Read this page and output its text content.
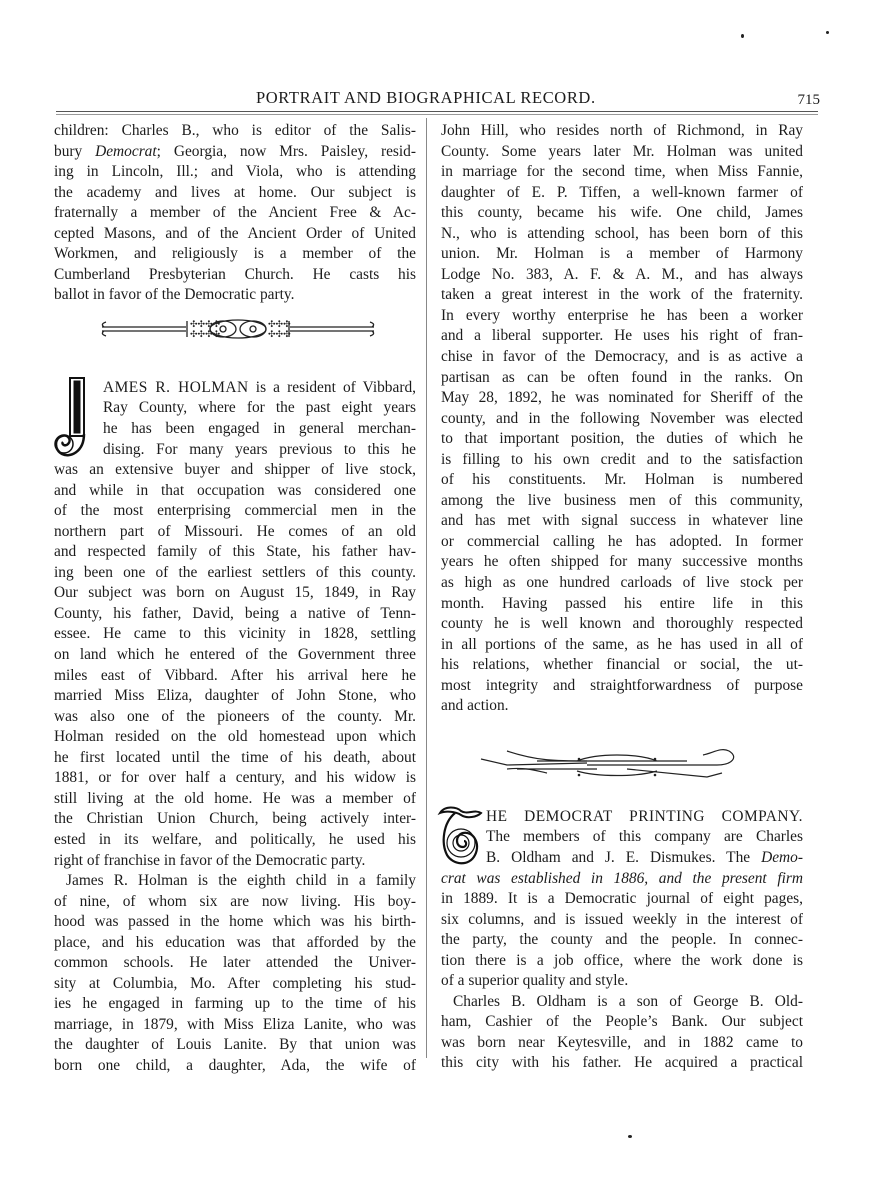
PORTRAIT AND BIOGRAPHICAL RECORD.	715
children: Charles B., who is editor of the Salis-
bury Democrat; Georgia, now Mrs. Paisley, resid-
ing in Lincoln, Ill.; and Viola, who is attending
the academy and lives at home. Our subject is
fraternally a member of the Ancient Free & Ac-
cepted Masons, and of the Ancient Order of United
Workmen, and religiously is a member of the
Cumberland Presbyterian Church. He casts his
ballot in favor of the Democratic party.
✣✣✣✣
✣✣✣✣
✣✣✣
✣✣✣
AMES R. HOLMAN is a resident of Vibbard,
Ray County, where for the past eight years
he has been engaged in general merchan-
dising. For many years previous to this he
was an extensive buyer and shipper of live stock,
and while in that occupation was considered one
of the most enterprising commercial men in the
northern part of Missouri. He comes of an old
and respected family of this State, his father hav-
ing been one of the earliest settlers of this county.
Our subject was born on August 15, 1849, in Ray
County, his father, David, being a native of Tenn-
essee. He came to this vicinity in 1828, settling
on land which he entered of the Government three
miles east of Vibbard. After his arrival here he
married Miss Eliza, daughter of John Stone, who
was also one of the pioneers of the county. Mr.
Holman resided on the old homestead upon which
he first located until the time of his death, about
1881, or for over half a century, and his widow is
still living at the old home. He was a member of
the Christian Union Church, being actively inter-
ested in its welfare, and politically, he used his
right of franchise in favor of the Democratic party.
James R. Holman is the eighth child in a family
of nine, of whom six are now living. His boy-
hood was passed in the home which was his birth-
place, and his education was that afforded by the
common schools. He later attended the Univer-
sity at Columbia, Mo. After completing his stud-
ies he engaged in farming up to the time of his
marriage, in 1879, with Miss Eliza Lanite, who was
the daughter of Louis Lanite. By that union was
born one child, a daughter, Ada, the wife of
John Hill, who resides north of Richmond, in Ray
County. Some years later Mr. Holman was united
in marriage for the second time, when Miss Fannie,
daughter of E. P. Tiffen, a well-known farmer of
this county, became his wife. One child, James
N., who is attending school, has been born of this
union. Mr. Holman is a member of Harmony
Lodge No. 383, A. F. & A. M., and has always
taken a great interest in the work of the fraternity.
In every worthy enterprise he has been a worker
and a liberal supporter. He uses his right of fran-
chise in favor of the Democracy, and is as active a
partisan as can be often found in the ranks. On
May 28, 1892, he was nominated for Sheriff of the
county, and in the following November was elected
to that important position, the duties of which he
is filling to his own credit and to the satisfaction
of his constituents. Mr. Holman is numbered
among the live business men of this community,
and has met with signal success in whatever line
or commercial calling he has adopted. In former
years he often shipped for many successive months
as high as one hundred carloads of live stock per
month. Having passed his entire life in this
county he is well known and thoroughly respected
in all portions of the same, as he has used in all of
his relations, whether financial or social, the ut-
most integrity and straightforwardness of purpose
and action.
HE DEMOCRAT PRINTING COMPANY.
The members of this company are Charles
B. Oldham and J. E. Dismukes. The Demo-
crat was established in 1886, and the present firm
in 1889. It is a Democratic journal of eight pages,
six columns, and is issued weekly in the interest of
the party, the county and the people. In connec-
tion there is a job office, where the work done is
of a superior quality and style.
Charles B. Oldham is a son of George B. Old-
ham, Cashier of the People’s Bank. Our subject
was born near Keytesville, and in 1882 came to
this city with his father. He acquired a practical
